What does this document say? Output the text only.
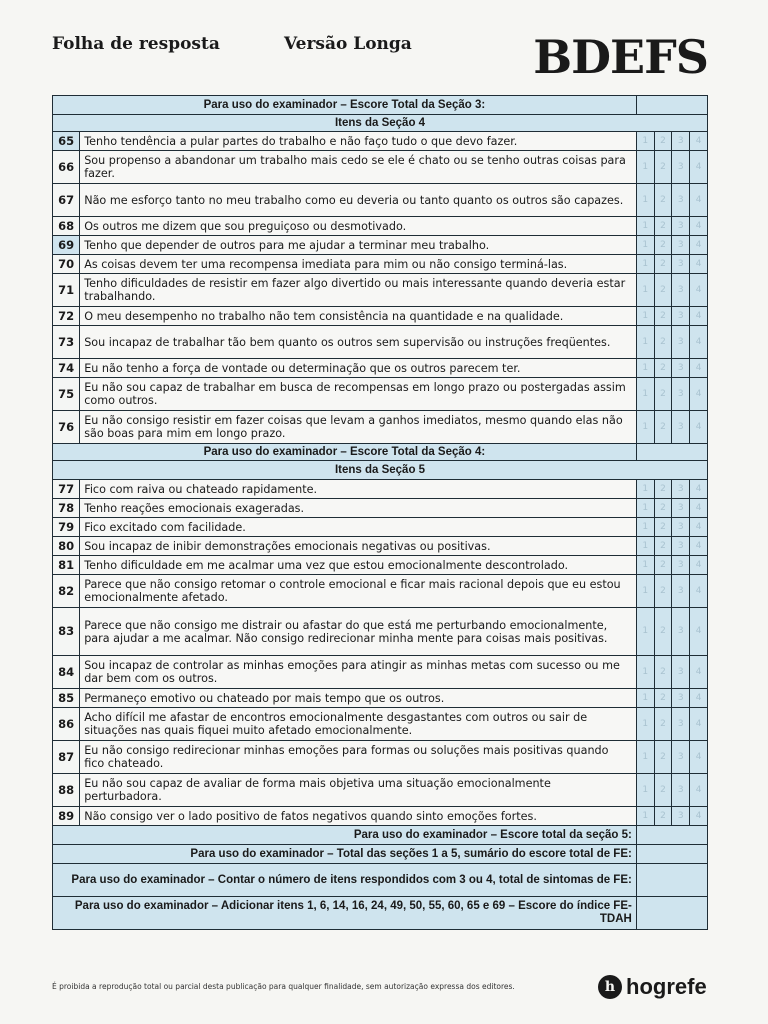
Folha de resposta	Versão Longa	BDEFS
Para uso do examinador – Escore Total da Seção 3:					
Itens da Seção 4					
65	Tenho tendência a pular partes do trabalho e não faço tudo o que devo fazer.	1	2	3	4
66	Sou propenso a abandonar um trabalho mais cedo se ele é chato ou se tenho outras coisas para fazer.	1	2	3	4
67	Não me esforço tanto no meu trabalho como eu deveria ou tanto quanto os outros são capazes.	1	2	3	4
68	Os outros me dizem que sou preguiçoso ou desmotivado.	1	2	3	4
69	Tenho que depender de outros para me ajudar a terminar meu trabalho.	1	2	3	4
70	As coisas devem ter uma recompensa imediata para mim ou não consigo terminá-las.	1	2	3	4
71	Tenho dificuldades de resistir em fazer algo divertido ou mais interessante quando deveria estar trabalhando.	1	2	3	4
72	O meu desempenho no trabalho não tem consistência na quantidade e na qualidade.	1	2	3	4
73	Sou incapaz de trabalhar tão bem quanto os outros sem supervisão ou instruções freqüentes.	1	2	3	4
74	Eu não tenho a força de vontade ou determinação que os outros parecem ter.	1	2	3	4
75	Eu não sou capaz de trabalhar em busca de recompensas em longo prazo ou postergadas assim como outros.	1	2	3	4
76	Eu não consigo resistir em fazer coisas que levam a ganhos imediatos, mesmo quando elas não são boas para mim em longo prazo.	1	2	3	4
Para uso do examinador – Escore Total da Seção 4:					
Itens da Seção 5					
77	Fico com raiva ou chateado rapidamente.	1	2	3	4
78	Tenho reações emocionais exageradas.	1	2	3	4
79	Fico excitado com facilidade.	1	2	3	4
80	Sou incapaz de inibir demonstrações emocionais negativas ou positivas.	1	2	3	4
81	Tenho dificuldade em me acalmar uma vez que estou emocionalmente descontrolado.	1	2	3	4
82	Parece que não consigo retomar o controle emocional e ficar mais racional depois que eu estou emocionalmente afetado.	1	2	3	4
83	Parece que não consigo me distrair ou afastar do que está me perturbando emocionalmente, para ajudar a me acalmar. Não consigo redirecionar minha mente para coisas mais positivas.	1	2	3	4
84	Sou incapaz de controlar as minhas emoções para atingir as minhas metas com sucesso ou me dar bem com os outros.	1	2	3	4
85	Permaneço emotivo ou chateado por mais tempo que os outros.	1	2	3	4
86	Acho difícil me afastar de encontros emocionalmente desgastantes com outros ou sair de situações nas quais fiquei muito afetado emocionalmente.	1	2	3	4
87	Eu não consigo redirecionar minhas emoções para formas ou soluções mais positivas quando fico chateado.	1	2	3	4
88	Eu não sou capaz de avaliar de forma mais objetiva uma situação emocionalmente perturbadora.	1	2	3	4
89	Não consigo ver o lado positivo de fatos negativos quando sinto emoções fortes.	1	2	3	4
Para uso do examinador – Escore total da seção 5:					
Para uso do examinador – Total das seções 1 a 5, sumário do escore total de FE:					
Para uso do examinador – Contar o número de itens respondidos com 3 ou 4, total de sintomas de FE:					
Para uso do examinador – Adicionar itens 1, 6, 14, 16, 24, 49, 50, 55, 60, 65 e 69 – Escore do índice FE-TDAH					
É proibida a reprodução total ou parcial desta publicação para qualquer finalidade, sem autorização expressa dos editores.	h hogrefe
